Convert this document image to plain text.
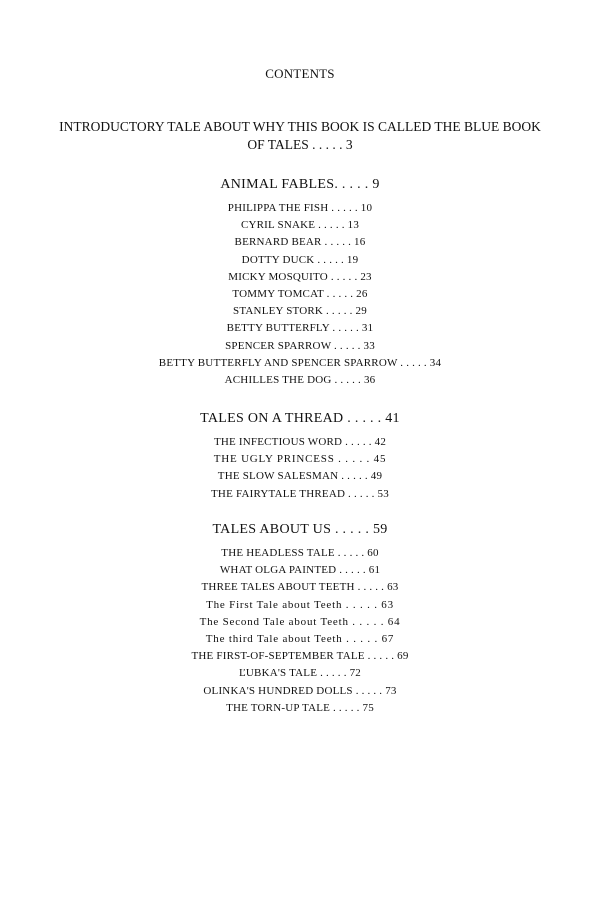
CONTENTS
INTRODUCTORY TALE ABOUT WHY THIS BOOK IS CALLED THE BLUE BOOK
OF TALES . . . . . 3
ANIMAL FABLES. . . . . 9
PHILIPPA THE FISH . . . . . 10
CYRIL SNAKE . . . . . 13
BERNARD BEAR . . . . . 16
DOTTY DUCK . . . . . 19
MICKY MOSQUITO . . . . . 23
TOMMY TOMCAT . . . . . 26
STANLEY STORK . . . . . 29
BETTY BUTTERFLY . . . . . 31
SPENCER SPARROW . . . . . 33
BETTY BUTTERFLY AND SPENCER SPARROW . . . . . 34
ACHILLES THE DOG . . . . . 36
TALES ON A THREAD . . . . . 41
THE INFECTIOUS WORD . . . . . 42
THE UGLY PRINCESS . . . . . 45
THE SLOW SALESMAN . . . . . 49
THE FAIRYTALE THREAD . . . . . 53
TALES ABOUT US . . . . . 59
THE HEADLESS TALE . . . . . 60
WHAT OLGA PAINTED . . . . . 61
THREE TALES ABOUT TEETH . . . . . 63
The First Tale about Teeth . . . . . 63
The Second Tale about Teeth . . . . . 64
The third Tale about Teeth . . . . . 67
THE FIRST-OF-SEPTEMBER TALE . . . . . 69
ĽUBKA'S TALE . . . . . 72
OLINKA'S HUNDRED DOLLS . . . . . 73
THE TORN-UP TALE . . . . . 75
